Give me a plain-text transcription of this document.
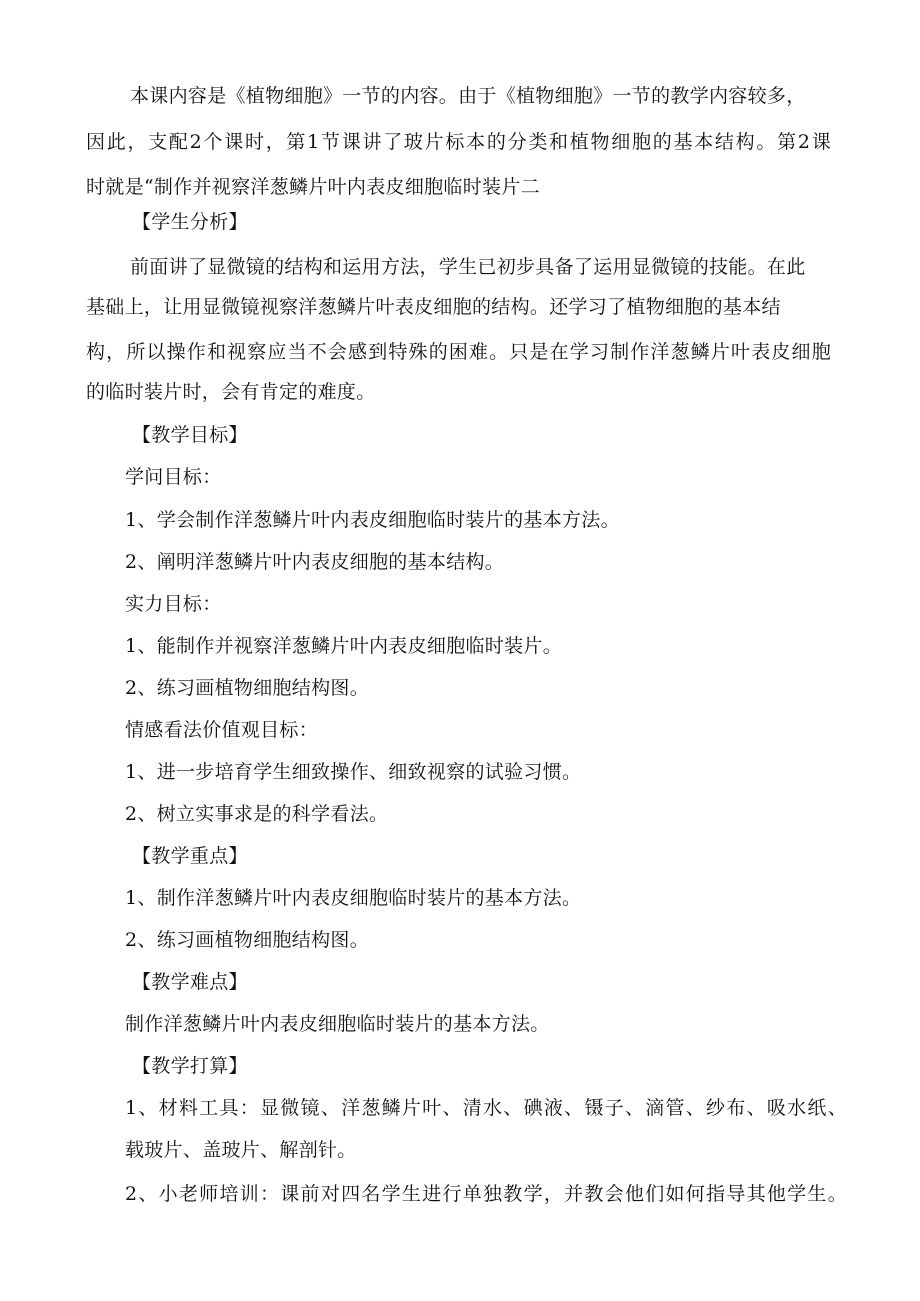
本课内容是《植物细胞》一节的内容。由于《植物细胞》一节的教学内容较多，
因此，支配2个课时，第1节课讲了玻片标本的分类和植物细胞的基本结构。第2课
时就是“制作并视察洋葱鳞片叶内表皮细胞临时装片二
【学生分析】
前面讲了显微镜的结构和运用方法，学生已初步具备了运用显微镜的技能。在此
基础上，让用显微镜视察洋葱鳞片叶表皮细胞的结构。还学习了植物细胞的基本结
构，所以操作和视察应当不会感到特殊的困难。只是在学习制作洋葱鳞片叶表皮细胞
的临时装片时，会有肯定的难度。
【教学目标】
学问目标：
1、学会制作洋葱鳞片叶内表皮细胞临时装片的基本方法。
2、阐明洋葱鳞片叶内表皮细胞的基本结构。
实力目标：
1、能制作并视察洋葱鳞片叶内表皮细胞临时装片。
2、练习画植物细胞结构图。
情感看法价值观目标：
1、进一步培育学生细致操作、细致视察的试验习惯。
2、树立实事求是的科学看法。
【教学重点】
1、制作洋葱鳞片叶内表皮细胞临时装片的基本方法。
2、练习画植物细胞结构图。
【教学难点】
制作洋葱鳞片叶内表皮细胞临时装片的基本方法。
【教学打算】
1、材料工具：显微镜、洋葱鳞片叶、清水、碘液、镊子、滴管、纱布、吸水纸、
载玻片、盖玻片、解剖针。
2、小老师培训：课前对四名学生进行单独教学，并教会他们如何指导其他学生。
